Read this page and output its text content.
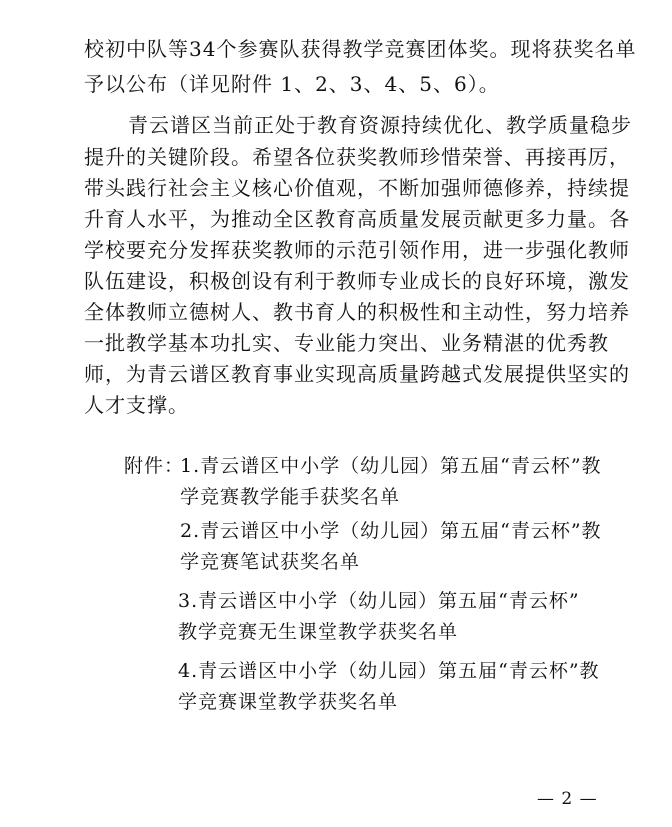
校初中队等34个参赛队获得教学竞赛团体奖。现将获奖名单
予以公布（详见附件 1、2、3、4、5、6）。
青云谱区当前正处于教育资源持续优化、教学质量稳步
提升的关键阶段。希望各位获奖教师珍惜荣誉、再接再厉，
带头践行社会主义核心价值观，不断加强师德修养，持续提
升育人水平，为推动全区教育高质量发展贡献更多力量。各
学校要充分发挥获奖教师的示范引领作用，进一步强化教师
队伍建设，积极创设有利于教师专业成长的良好环境，激发
全体教师立德树人、教书育人的积极性和主动性，努力培养
一批教学基本功扎实、专业能力突出、业务精湛的优秀教
师，为青云谱区教育事业实现高质量跨越式发展提供坚实的
人才支撑。
附件：
1.青云谱区中小学（幼儿园）第五届“青云杯”教
学竞赛教学能手获奖名单
2.青云谱区中小学（幼儿园）第五届“青云杯”教
学竞赛笔试获奖名单
3.青云谱区中小学（幼儿园）第五届“青云杯”
教学竞赛无生课堂教学获奖名单
4.青云谱区中小学（幼儿园）第五届“青云杯”教
学竞赛课堂教学获奖名单
— 2 —
